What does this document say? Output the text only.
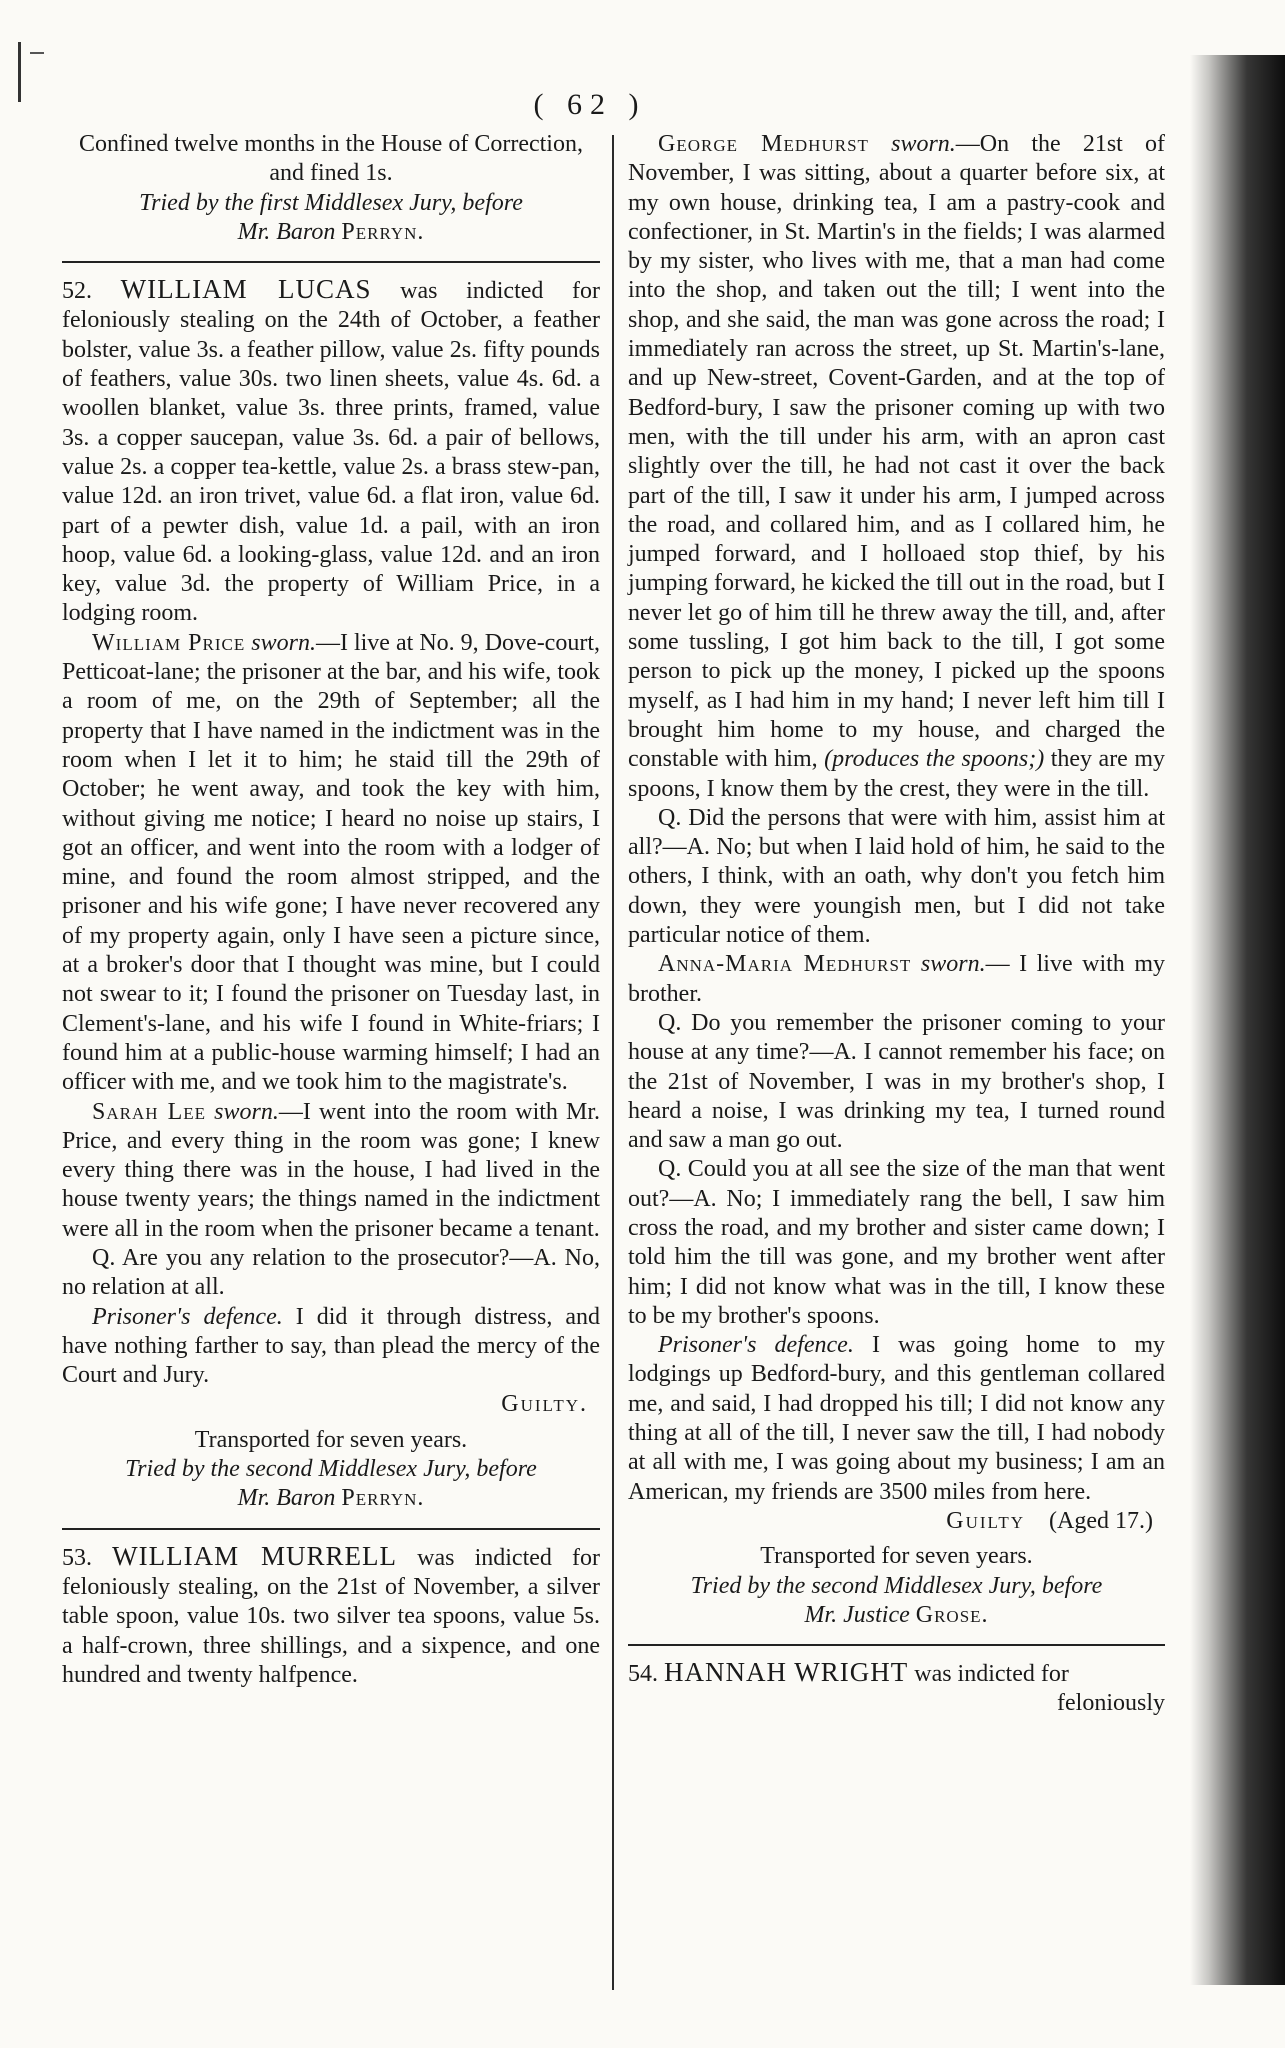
( 62 )

Confined twelve months in the House of Correction, and fined 1s.

Tried by the first Middlesex Jury, before
Mr. Baron Perryn.

52. WILLIAM LUCAS was indicted for feloniously stealing on the 24th of October, a feather bolster, value 3s. a feather pillow, value 2s. fifty pounds of feathers, value 30s. two linen sheets, value 4s. 6d. a woollen blanket, value 3s. three prints, framed, value 3s. a copper saucepan, value 3s. 6d. a pair of bellows, value 2s. a copper tea-kettle, value 2s. a brass stew-pan, value 12d. an iron trivet, value 6d. a flat iron, value 6d. part of a pewter dish, value 1d. a pail, with an iron hoop, value 6d. a looking-glass, value 12d. and an iron key, value 3d. the property of William Price, in a lodging room.

William Price sworn.—I live at No. 9, Dove-court, Petticoat-lane; the prisoner at the bar, and his wife, took a room of me, on the 29th of September; all the property that I have named in the indictment was in the room when I let it to him; he staid till the 29th of October; he went away, and took the key with him, without giving me notice; I heard no noise up stairs, I got an officer, and went into the room with a lodger of mine, and found the room almost stripped, and the prisoner and his wife gone; I have never recovered any of my property again, only I have seen a picture since, at a broker's door that I thought was mine, but I could not swear to it; I found the prisoner on Tuesday last, in Clement's-lane, and his wife I found in White-friars; I found him at a public-house warming himself; I had an officer with me, and we took him to the magistrate's.

Sarah Lee sworn.—I went into the room with Mr. Price, and every thing in the room was gone; I knew every thing there was in the house, I had lived in the house twenty years; the things named in the indictment were all in the room when the prisoner became a tenant.

Q. Are you any relation to the prosecutor?—A. No, no relation at all.

Prisoner's defence. I did it through distress, and have nothing farther to say, than plead the mercy of the Court and Jury.

Guilty.

Transported for seven years.

Tried by the second Middlesex Jury, before
Mr. Baron Perryn.

53. WILLIAM MURRELL was indicted for feloniously stealing, on the 21st of November, a silver table spoon, value 10s. two silver tea spoons, value 5s. a half-crown, three shillings, and a sixpence, and one hundred and twenty halfpence.

George Medhurst sworn.—On the 21st of November, I was sitting, about a quarter before six, at my own house, drinking tea, I am a pastry-cook and confectioner, in St. Martin's in the fields; I was alarmed by my sister, who lives with me, that a man had come into the shop, and taken out the till; I went into the shop, and she said, the man was gone across the road; I immediately ran across the street, up St. Martin's-lane, and up New-street, Covent-Garden, and at the top of Bedford-bury, I saw the prisoner coming up with two men, with the till under his arm, with an apron cast slightly over the till, he had not cast it over the back part of the till, I saw it under his arm, I jumped across the road, and collared him, and as I collared him, he jumped forward, and I holloaed stop thief, by his jumping forward, he kicked the till out in the road, but I never let go of him till he threw away the till, and, after some tussling, I got him back to the till, I got some person to pick up the money, I picked up the spoons myself, as I had him in my hand; I never left him till I brought him home to my house, and charged the constable with him, (produces the spoons;) they are my spoons, I know them by the crest, they were in the till.

Q. Did the persons that were with him, assist him at all?—A. No; but when I laid hold of him, he said to the others, I think, with an oath, why don't you fetch him down, they were youngish men, but I did not take particular notice of them.

Anna-Maria Medhurst sworn.— I live with my brother.

Q. Do you remember the prisoner coming to your house at any time?—A. I cannot remember his face; on the 21st of November, I was in my brother's shop, I heard a noise, I was drinking my tea, I turned round and saw a man go out.

Q. Could you at all see the size of the man that went out?—A. No; I immediately rang the bell, I saw him cross the road, and my brother and sister came down; I told him the till was gone, and my brother went after him; I did not know what was in the till, I know these to be my brother's spoons.

Prisoner's defence. I was going home to my lodgings up Bedford-bury, and this gentleman collared me, and said, I had dropped his till; I did not know any thing at all of the till, I never saw the till, I had nobody at all with me, I was going about my business; I am an American, my friends are 3500 miles from here.

Guilty (Aged 17.)

Transported for seven years.

Tried by the second Middlesex Jury, before
Mr. Justice Grose.

54. HANNAH WRIGHT was indicted for

feloniously
